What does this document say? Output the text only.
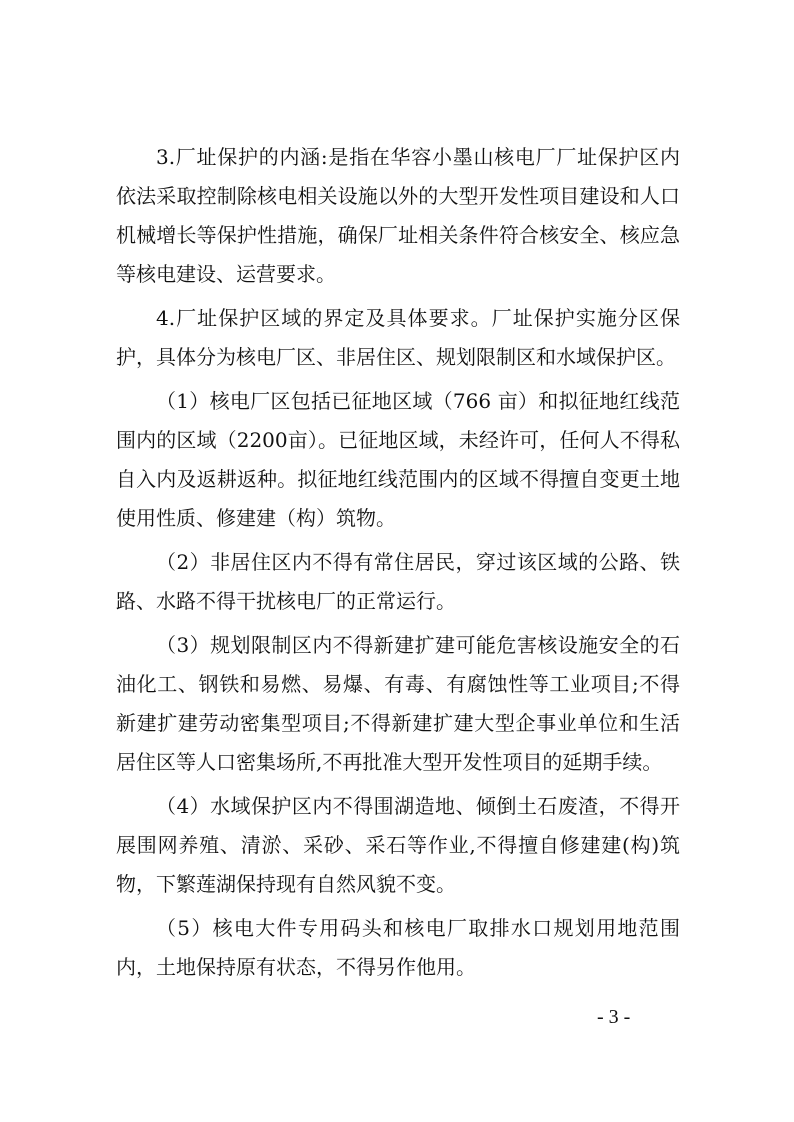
3.厂址保护的内涵:是指在华容小墨山核电厂厂址保护区内依法采取控制除核电相关设施以外的大型开发性项目建设和人口机械增长等保护性措施，确保厂址相关条件符合核安全、核应急等核电建设、运营要求。

4.厂址保护区域的界定及具体要求。厂址保护实施分区保护，具体分为核电厂区、非居住区、规划限制区和水域保护区。

（1）核电厂区包括已征地区域（766 亩）和拟征地红线范围内的区域（2200亩）。已征地区域，未经许可，任何人不得私自入内及返耕返种。拟征地红线范围内的区域不得擅自变更土地使用性质、修建建（构）筑物。

（2）非居住区内不得有常住居民，穿过该区域的公路、铁路、水路不得干扰核电厂的正常运行。

（3）规划限制区内不得新建扩建可能危害核设施安全的石油化工、钢铁和易燃、易爆、有毒、有腐蚀性等工业项目;不得新建扩建劳动密集型项目;不得新建扩建大型企事业单位和生活居住区等人口密集场所,不再批准大型开发性项目的延期手续。

（4）水域保护区内不得围湖造地、倾倒土石废渣，不得开展围网养殖、清淤、采砂、采石等作业,不得擅自修建建(构)筑物，下繁莲湖保持现有自然风貌不变。

（5）核电大件专用码头和核电厂取排水口规划用地范围内，土地保持原有状态，不得另作他用。

- 3 -
